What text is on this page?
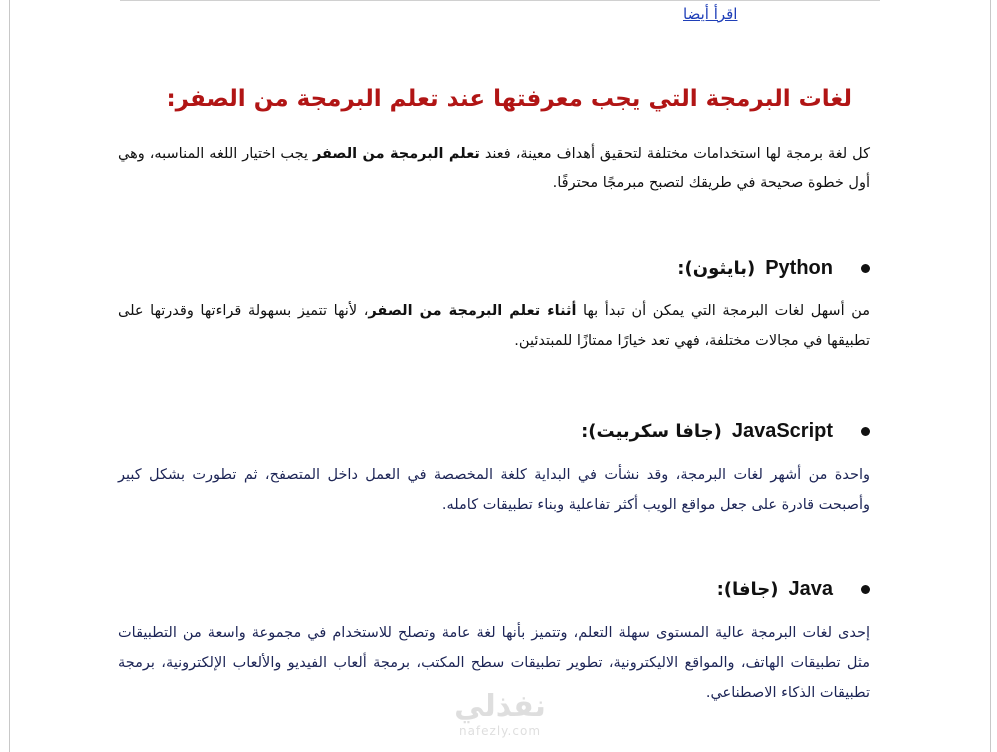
اقرأ أيضا
لغات البرمجة التي يجب معرفتها عند تعلم البرمجة من الصفر:

كل لغة برمجة لها استخدامات مختلفة لتحقيق أهداف معينة، فعند تعلم البرمجة من الصفر يجب اختيار اللغه المناسبه، وهي أول خطوة صحيحة في طريقك لتصبح مبرمجًا محترفًا.

Python
(بايثون):

من أسهل لغات البرمجة التي يمكن أن تبدأ بها أثناء تعلم البرمجة من الصفر، لأنها تتميز بسهولة قراءتها وقدرتها على تطبيقها في مجالات مختلفة، فهي تعد خيارًا ممتازًا للمبتدئين.

JavaScript
(جافا سكربيت):

واحدة من أشهر لغات البرمجة، وقد نشأت في البداية كلغة المخصصة في العمل داخل المتصفح، ثم تطورت بشكل كبير وأصبحت قادرة على جعل مواقع الويب أكثر تفاعلية وبناء تطبيقات كامله.

Java
(جافا):

إحدى لغات البرمجة عالية المستوى سهلة التعلم، وتتميز بأنها لغة عامة وتصلح للاستخدام في مجموعة واسعة من التطبيقات مثل تطبيقات الهاتف، والمواقع الاليكترونية، تطوير تطبيقات سطح المكتب، برمجة ألعاب الفيديو والألعاب الإلكترونية، برمجة تطبيقات الذكاء الاصطناعي.

نفذلي
nafezly.com
